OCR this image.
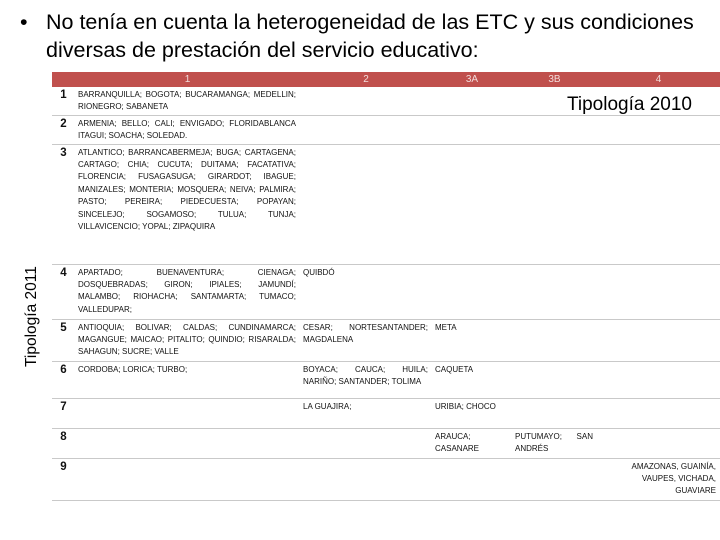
• No tenía en cuenta la heterogeneidad de las ETC y sus condiciones diversas de prestación del servicio educativo:
Tipología 2011
	1	2	3A	3B	4
1	BARRANQUILLA; BOGOTA; BUCARAMANGA; MEDELLIN; RIONEGRO; SABANETA				
2	ARMENIA; BELLO; CALI; ENVIGADO; FLORIDABLANCA ITAGUI; SOACHA; SOLEDAD.				
3	ATLANTICO; BARRANCABERMEJA; BUGA; CARTAGENA; CARTAGO; CHIA; CUCUTA; DUITAMA; FACATATIVA; FLORENCIA; FUSAGASUGA; GIRARDOT; IBAGUE; MANIZALES; MONTERIA; MOSQUERA; NEIVA; PALMIRA; PASTO; PEREIRA; PIEDECUESTA; POPAYAN; SINCELEJO; SOGAMOSO; TULUA; TUNJA; VILLAVICENCIO; YOPAL; ZIPAQUIRA				
4	APARTADO; BUENAVENTURA; CIENAGA; DOSQUEBRADAS; GIRON; IPIALES; JAMUNDÍ; MALAMBO; RIOHACHA; SANTAMARTA; TUMACO; VALLEDUPAR;	QUIBDÓ			
5	ANTIOQUIA; BOLIVAR; CALDAS; CUNDINAMARCA; MAGANGUE; MAICAO; PITALITO; QUINDIO; RISARALDA; SAHAGUN; SUCRE; VALLE	CESAR; NORTESANTANDER; MAGDALENA	META		
6	CORDOBA; LORICA; TURBO;	BOYACA; CAUCA; HUILA; NARIÑO; SANTANDER; TOLIMA	CAQUETA		
7		LA GUAJIRA;	URIBIA; CHOCO		
8			ARAUCA; CASANARE	PUTUMAYO; SAN ANDRÉS	
9					AMAZONAS, GUAINÍA, VAUPES, VICHADA, GUAVIARE
Tipología 2010
